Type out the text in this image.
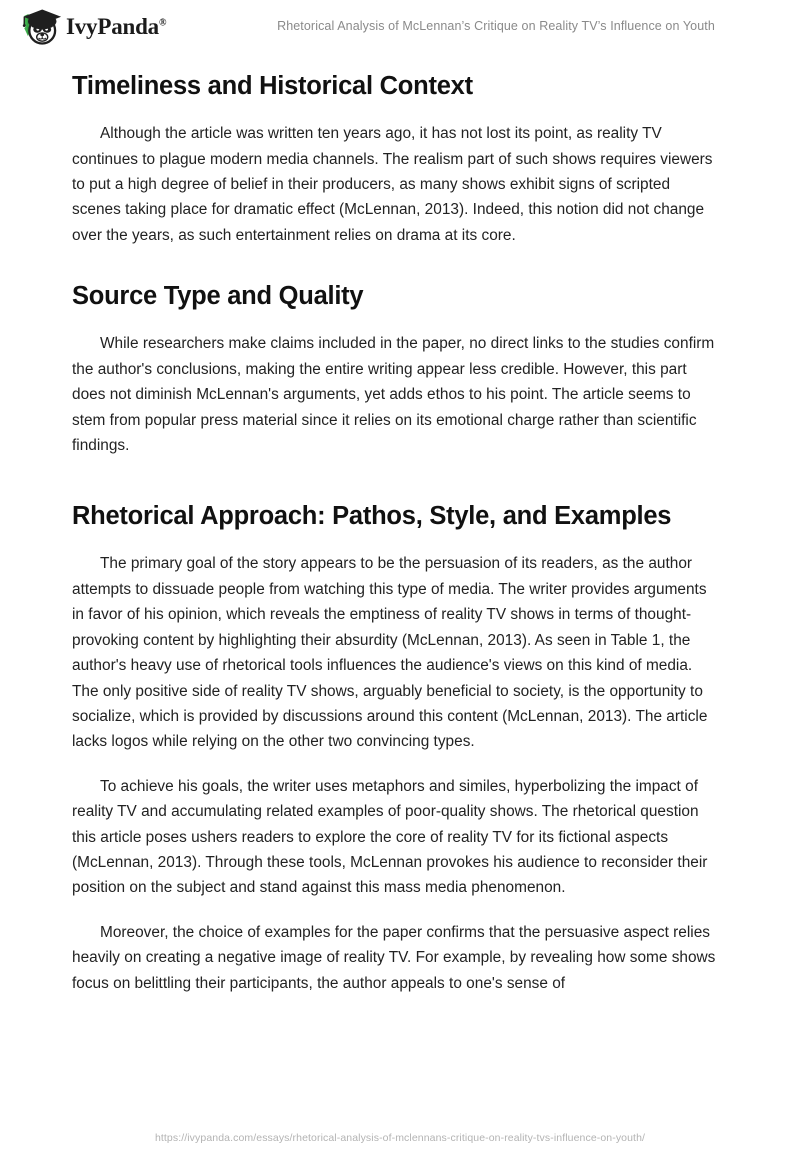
IvyPanda®	Rhetorical Analysis of McLennan’s Critique on Reality TV’s Influence on Youth
Timeliness and Historical Context

Although the article was written ten years ago, it has not lost its point, as reality TV continues to plague modern media channels. The realism part of such shows requires viewers to put a high degree of belief in their producers, as many shows exhibit signs of scripted scenes taking place for dramatic effect (McLennan, 2013). Indeed, this notion did not change over the years, as such entertainment relies on drama at its core.

Source Type and Quality

While researchers make claims included in the paper, no direct links to the studies confirm the author's conclusions, making the entire writing appear less credible. However, this part does not diminish McLennan's arguments, yet adds ethos to his point. The article seems to stem from popular press material since it relies on its emotional charge rather than scientific findings.

Rhetorical Approach: Pathos, Style, and Examples

The primary goal of the story appears to be the persuasion of its readers, as the author attempts to dissuade people from watching this type of media. The writer provides arguments in favor of his opinion, which reveals the emptiness of reality TV shows in terms of thought-provoking content by highlighting their absurdity (McLennan, 2013). As seen in Table 1, the author's heavy use of rhetorical tools influences the audience's views on this kind of media. The only positive side of reality TV shows, arguably beneficial to society, is the opportunity to socialize, which is provided by discussions around this content (McLennan, 2013). The article lacks logos while relying on the other two convincing types.

To achieve his goals, the writer uses metaphors and similes, hyperbolizing the impact of reality TV and accumulating related examples of poor-quality shows. The rhetorical question this article poses ushers readers to explore the core of reality TV for its fictional aspects (McLennan, 2013). Through these tools, McLennan provokes his audience to reconsider their position on the subject and stand against this mass media phenomenon.

Moreover, the choice of examples for the paper confirms that the persuasive aspect relies heavily on creating a negative image of reality TV. For example, by revealing how some shows focus on belittling their participants, the author appeals to one's sense of

https://ivypanda.com/essays/rhetorical-analysis-of-mclennans-critique-on-reality-tvs-influence-on-youth/
